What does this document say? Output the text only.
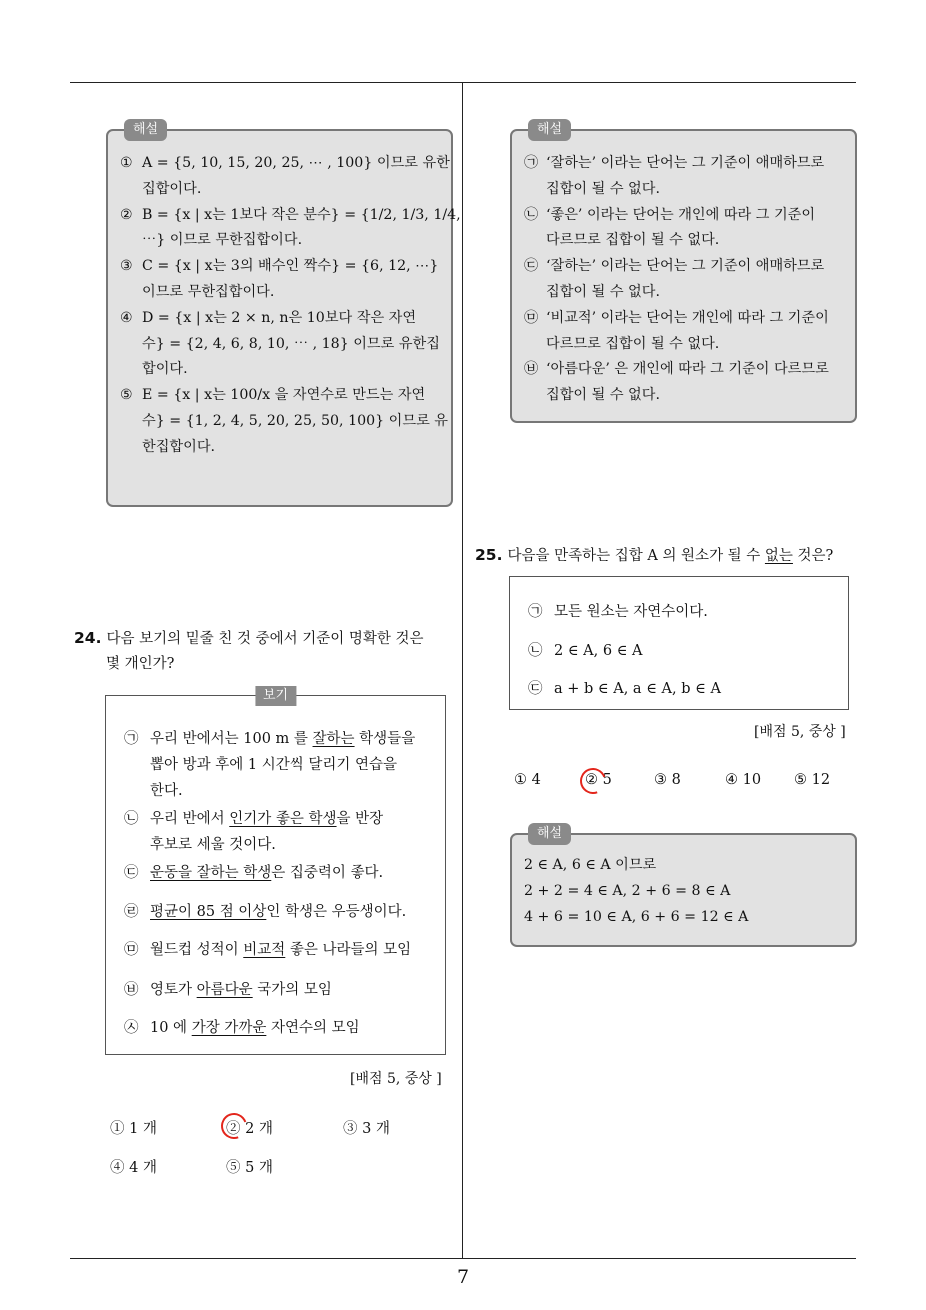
7
해설
① A = {5, 10, 15, 20, 25, ⋯ , 100} 이므로 유한
집합이다.
② B = {x | x는 1보다 작은 분수} = {1/2, 1/3, 1/4,
⋯} 이므로 무한집합이다.
③ C = {x | x는 3의 배수인 짝수} = {6, 12, ⋯}
이므로 무한집합이다.
④ D = {x | x는 2 × n, n은 10보다 작은 자연
수} = {2, 4, 6, 8, 10, ⋯ , 18} 이므로 유한집
합이다.
⑤ E = {x | x는 100/x 을 자연수로 만드는 자연
수} = {1, 2, 4, 5, 20, 25, 50, 100} 이므로 유
한집합이다.
해설
㉠ ‘잘하는’ 이라는 단어는 그 기준이 애매하므로
집합이 될 수 없다.
㉡ ‘좋은’ 이라는 단어는 개인에 따라 그 기준이
다르므로 집합이 될 수 없다.
㉢ ‘잘하는’ 이라는 단어는 그 기준이 애매하므로
집합이 될 수 없다.
㉤ ‘비교적’ 이라는 단어는 개인에 따라 그 기준이
다르므로 집합이 될 수 없다.
㉥ ‘아름다운’ 은 개인에 따라 그 기준이 다르므로
집합이 될 수 없다.
24. 다음 보기의 밑줄 친 것 중에서 기준이 명확한 것은
몇 개인가?
보기
㉠ 우리 반에서는 100 m 를 잘하는 학생들을
뽑아 방과 후에 1 시간씩 달리기 연습을
한다.
㉡ 우리 반에서 인기가 좋은 학생을 반장
후보로 세울 것이다.
㉢ 운동을 잘하는 학생은 집중력이 좋다.
㉣ 평균이 85 점 이상인 학생은 우등생이다.
㉤ 월드컵 성적이 비교적 좋은 나라들의 모임
㉥ 영토가 아름다운 국가의 모임
㉦ 10 에 가장 가까운 자연수의 모임
[배점 5, 중상 ]
① 1 개	② 2 개	③ 3 개
④ 4 개	⑤ 5 개
25. 다음을 만족하는 집합 A 의 원소가 될 수 없는 것은?
㉠ 모든 원소는 자연수이다.
㉡ 2 ∈ A, 6 ∈ A
㉢ a + b ∈ A, a ∈ A, b ∈ A
[배점 5, 중상 ]
① 4	② 5	③ 8	④ 10 ⑤ 12
해설
2 ∈ A, 6 ∈ A 이므로
2 + 2 = 4 ∈ A, 2 + 6 = 8 ∈ A
4 + 6 = 10 ∈ A, 6 + 6 = 12 ∈ A
